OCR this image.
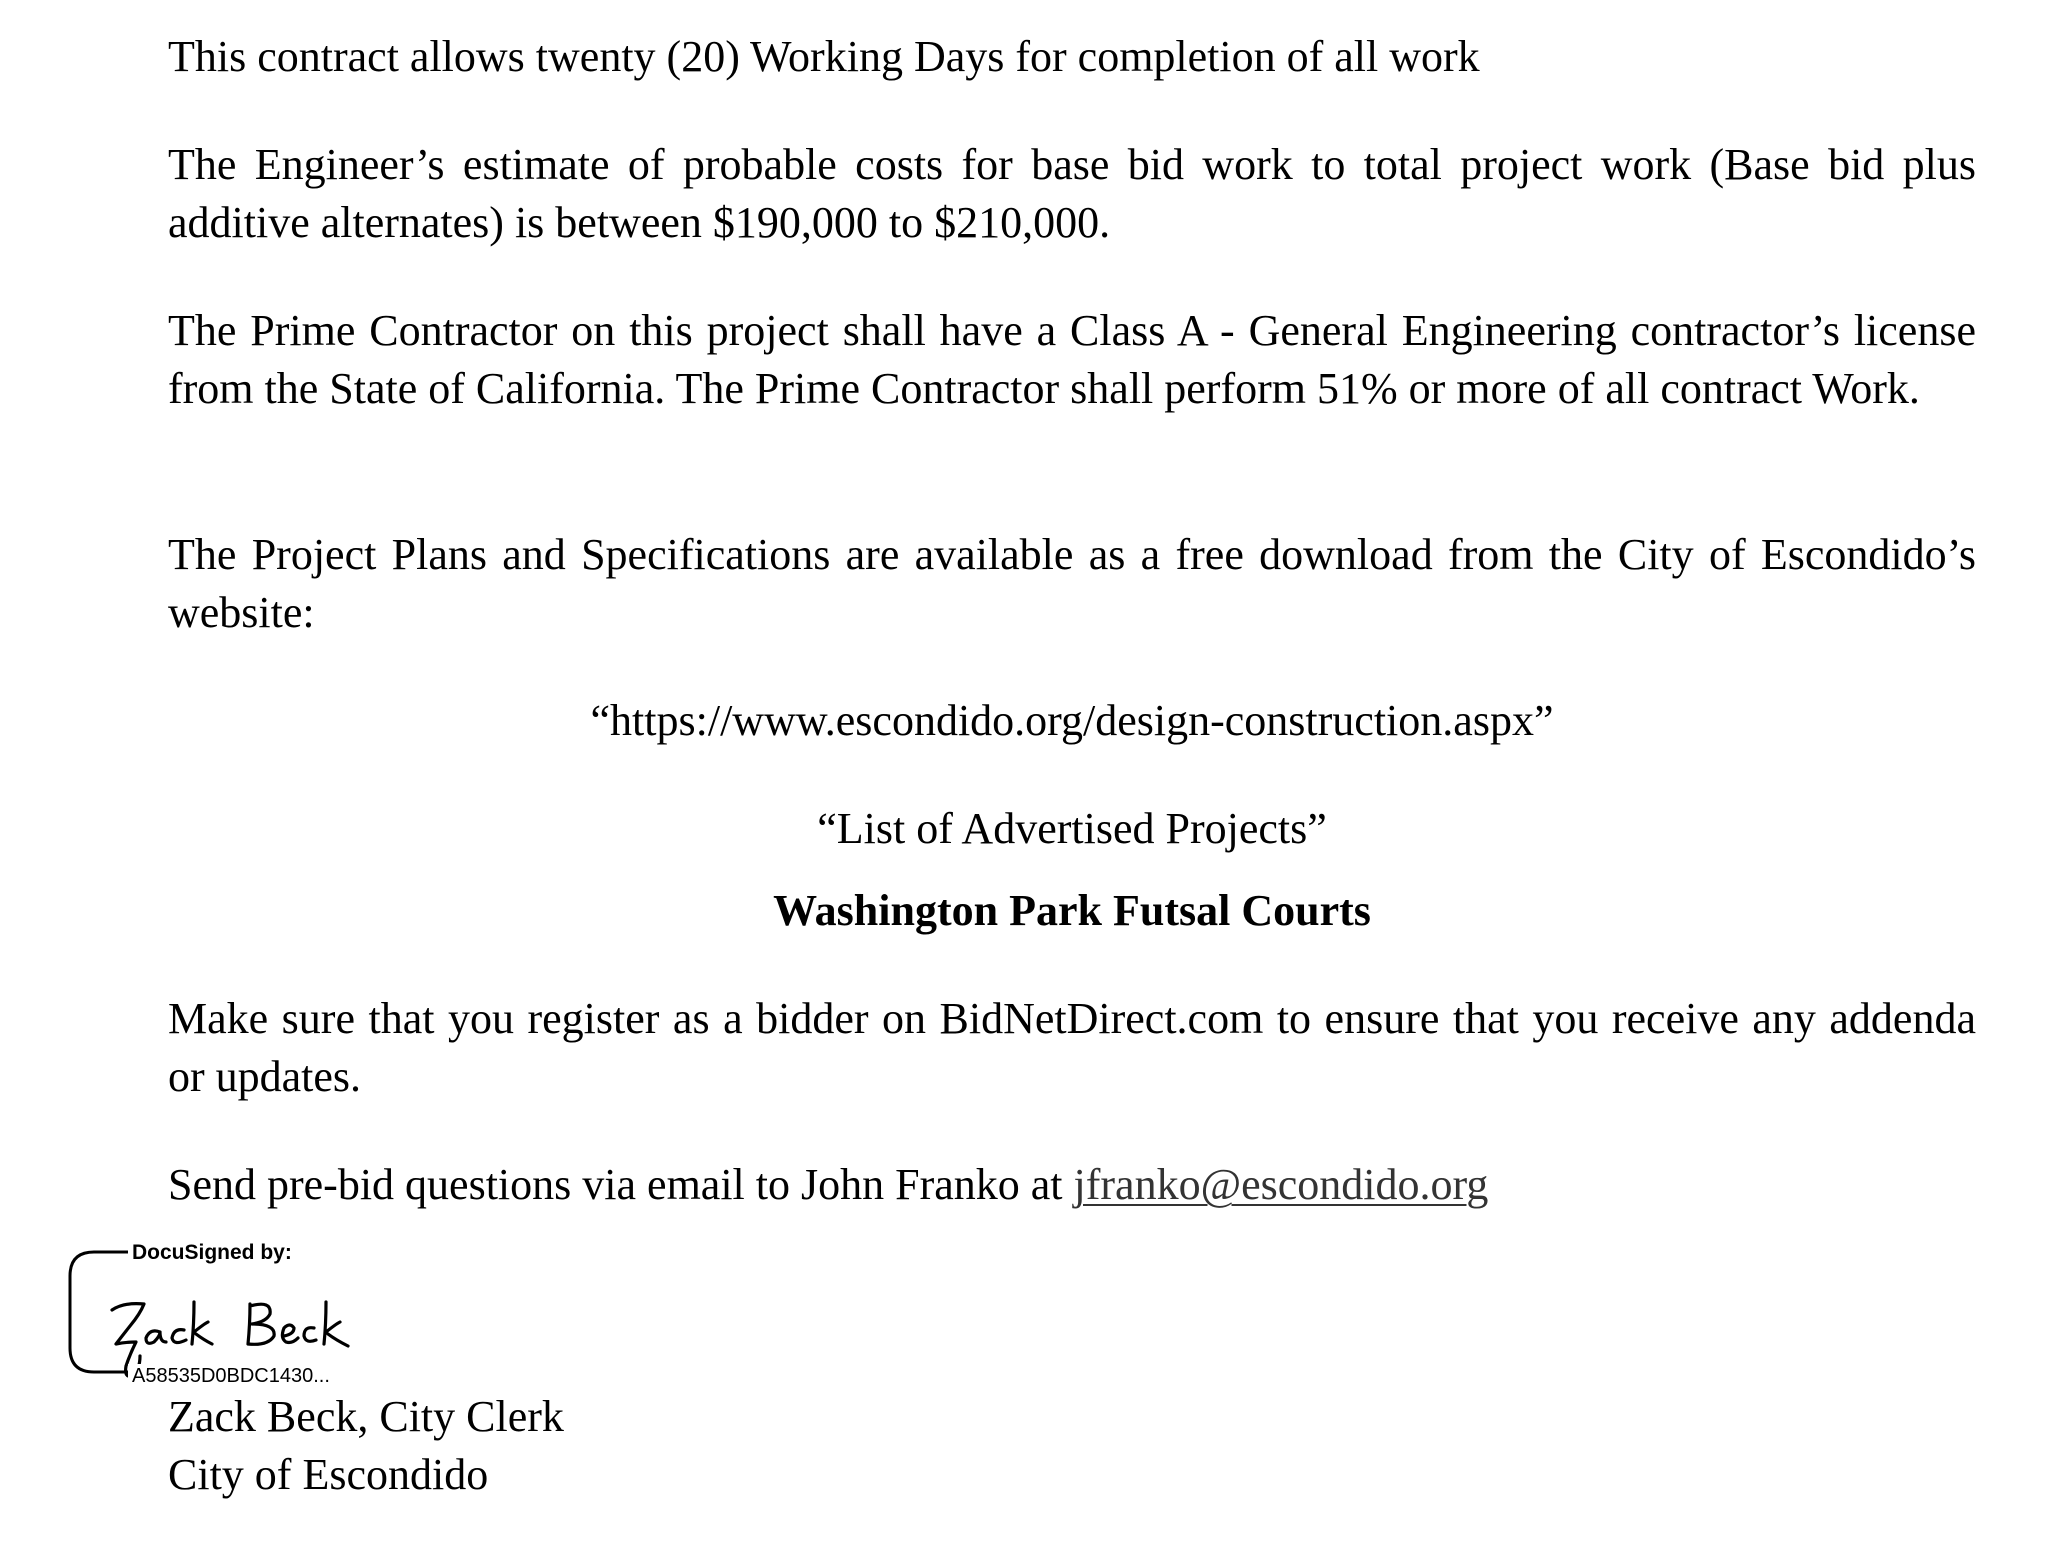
This contract allows twenty (20) Working Days for completion of all work

The Engineer’s estimate of probable costs for base bid work to total project work (Base bid plus additive alternates) is between $190,000 to $210,000.

The Prime Contractor on this project shall have a Class A - General Engineering contractor’s license from the State of California. The Prime Contractor shall perform 51% or more of all contract Work.

The Project Plans and Specifications are available as a free download from the City of Escondido’s website:

“https://www.escondido.org/design-construction.aspx”

“List of Advertised Projects”

Washington Park Futsal Courts

Make sure that you register as a bidder on BidNetDirect.com to ensure that you receive any addenda or updates.

Send pre-bid questions via email to John Franko at jfranko@escondido.org

DocuSigned by:
A58535D0BDC1430...
Zack Beck, City Clerk
City of Escondido
